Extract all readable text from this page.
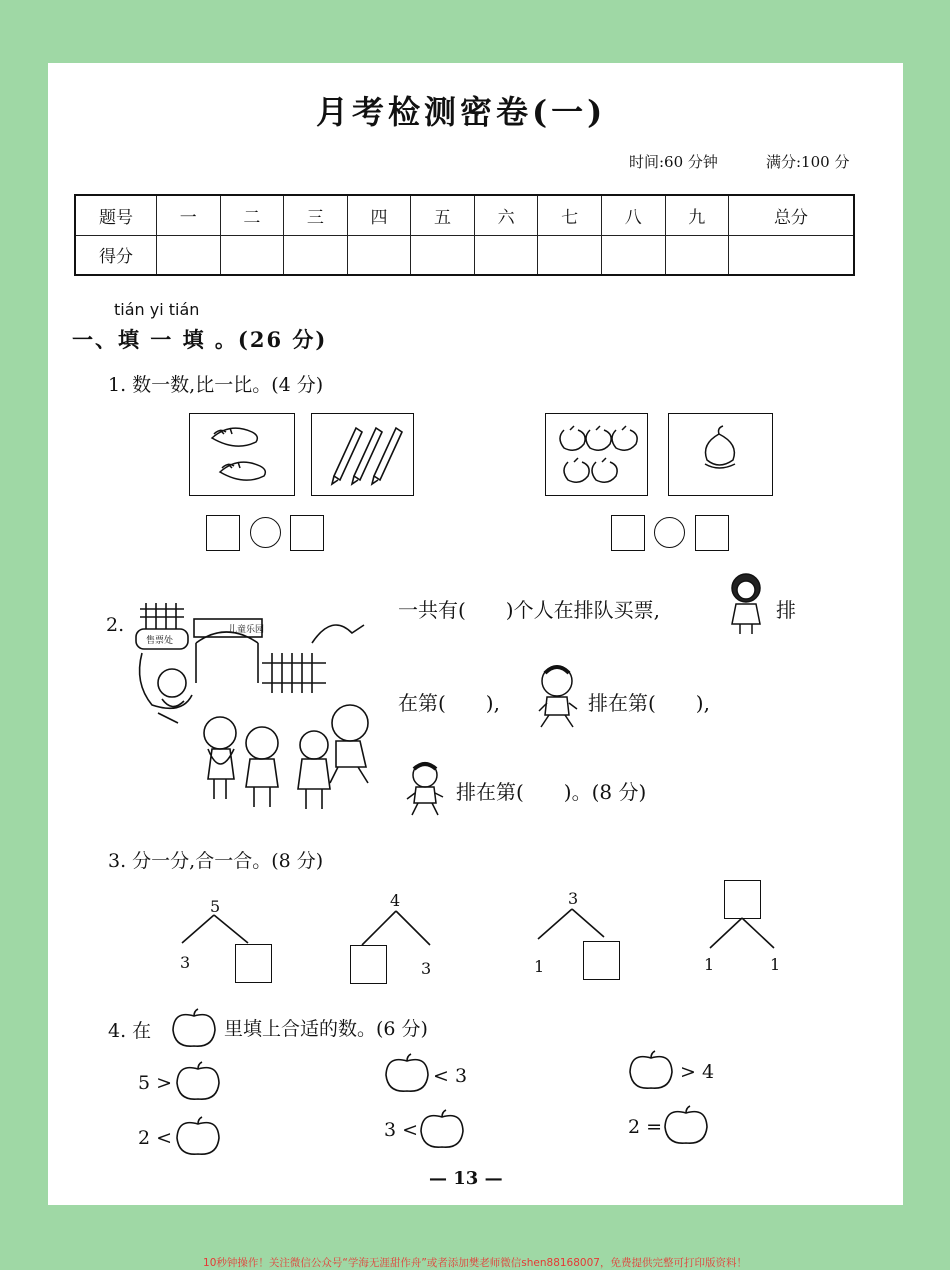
月考检测密卷(一)
时间:60 分钟	满分:100 分
题号	一	二	三	四	五	六	七	八	九	总分
得分										
tián yi tián
一、填 一 填 。(26 分)
1. 数一数,比一比。(4 分)
2.	儿童乐园
售票处
一共有(　　)个人在排队买票,	排
在第(　　),	排在第(　　),
排在第(　　)。(8 分)
3. 分一分,合一合。(8 分)
5
3
4
3
3
1	1	1
4. 在	里填上合适的数。(6 分)
5 >	< 3	> 4
2 <	3 <	2 =
— 13 —
10秒钟操作！关注微信公众号“学海无涯甜作舟”或者添加樊老师微信shen88168007，免费提供完整可打印版资料！
